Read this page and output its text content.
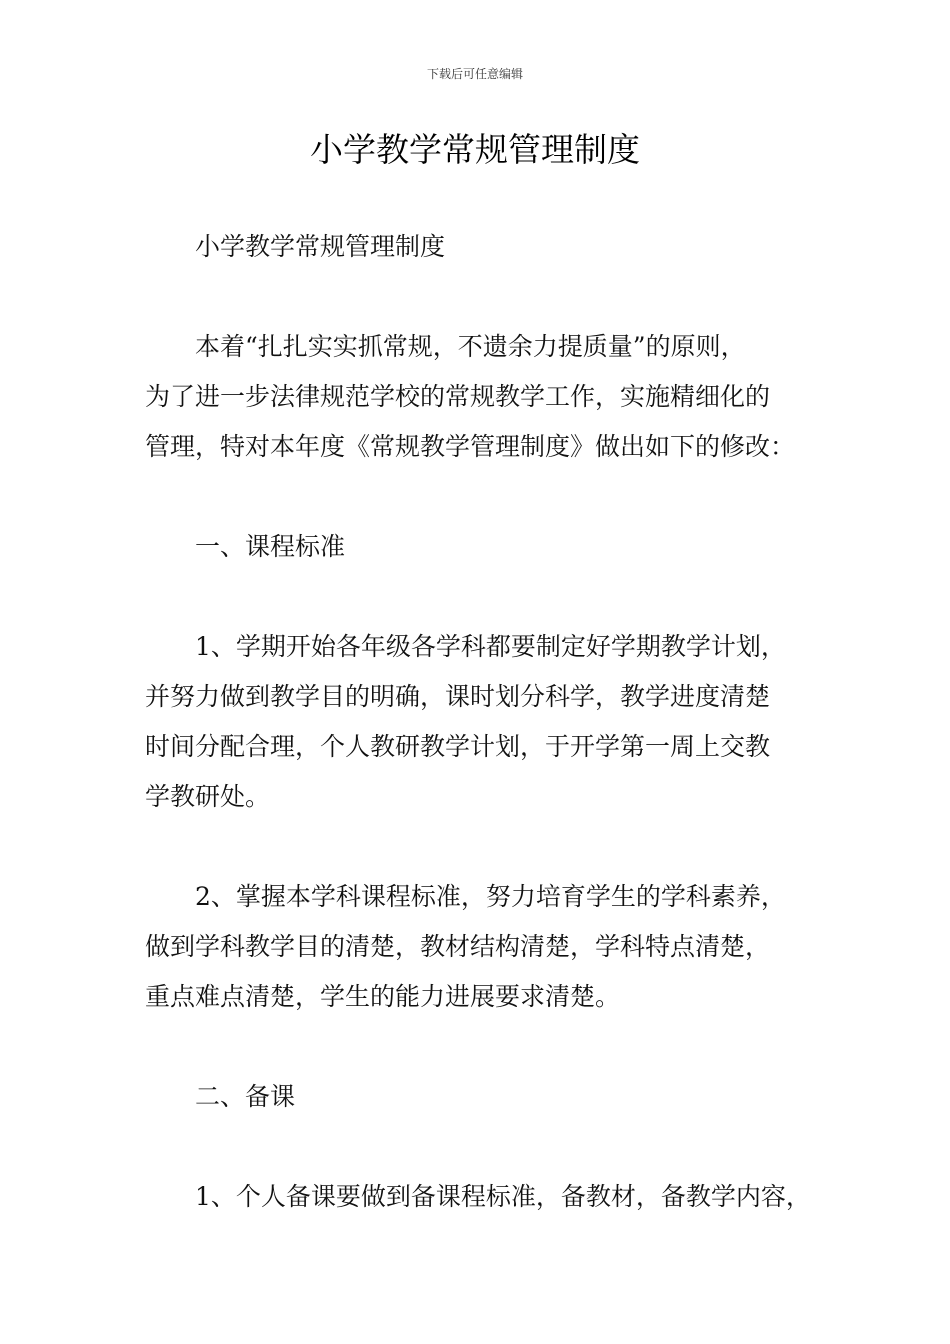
下载后可任意编辑
小学教学常规管理制度

小学教学常规管理制度

本着“扎扎实实抓常规，不遗余力提质量”的原则，
为了进一步法律规范学校的常规教学工作，实施精细化的
管理，特对本年度《常规教学管理制度》做出如下的修改：

一、课程标准

1、学期开始各年级各学科都要制定好学期教学计划，
并努力做到教学目的明确，课时划分科学，教学进度清楚
时间分配合理，个人教研教学计划，于开学第一周上交教
学教研处。

2、掌握本学科课程标准，努力培育学生的学科素养，
做到学科教学目的清楚，教材结构清楚，学科特点清楚，
重点难点清楚，学生的能力进展要求清楚。

二、备课

1、个人备课要做到备课程标准，备教材，备教学内容，
